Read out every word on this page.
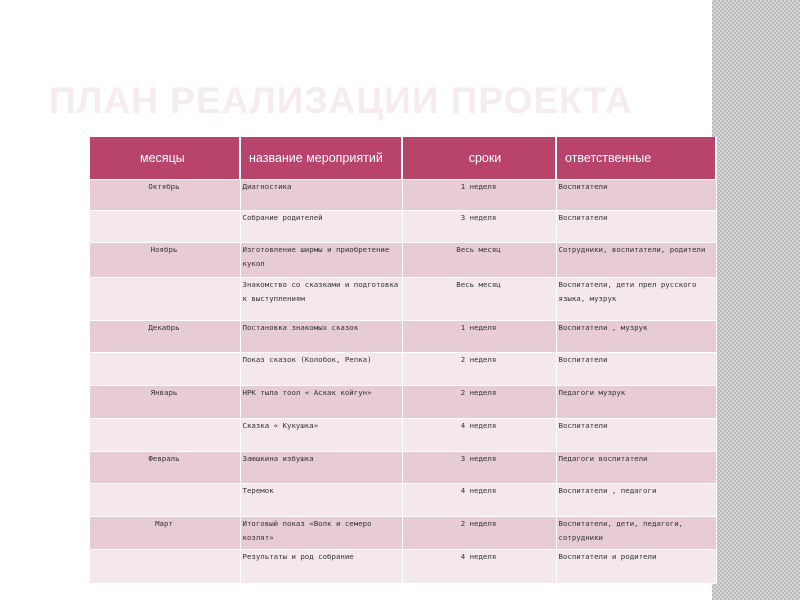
ПЛАН РЕАЛИЗАЦИИ ПРОЕКТА
месяцы	название мероприятий	сроки	ответственные
Октябрь	Диагностика	1 неделя	Воспитатели
	Собрание родителей	3 неделя	Воспитатели
Ноябрь	Изготовление ширмы и приобретение кукол	Весь месяц	Сотрудники, воспитатели, родители
	Знакомство со сказками и подготовка к выступлениям	Весь месяц	Воспитатели, дети прел русского языка, музрук
Декабрь	Постановка знакомых сказок	1 неделя	Воспитатели , музрук
	Показ сказок (Колобок, Репка)	2 неделя	Воспитатели
Январь	НРК тыла тоол « Аскак койгун»	2 неделя	Педагоги музрук
	Сказка « Кукушка»	4 неделя	Воспитатели
Февраль	Заюшкина избушка	3 неделя	Педагоги воспитатели
	Теремок	4 неделя	Воспитатели , педагоги
Март	Итоговый показ «Волк и семеро козлят»	2 неделя	Воспитатели, дети, педагоги, сотрудники
	Результаты и род собрание	4 неделя	Воспитатели и родители
